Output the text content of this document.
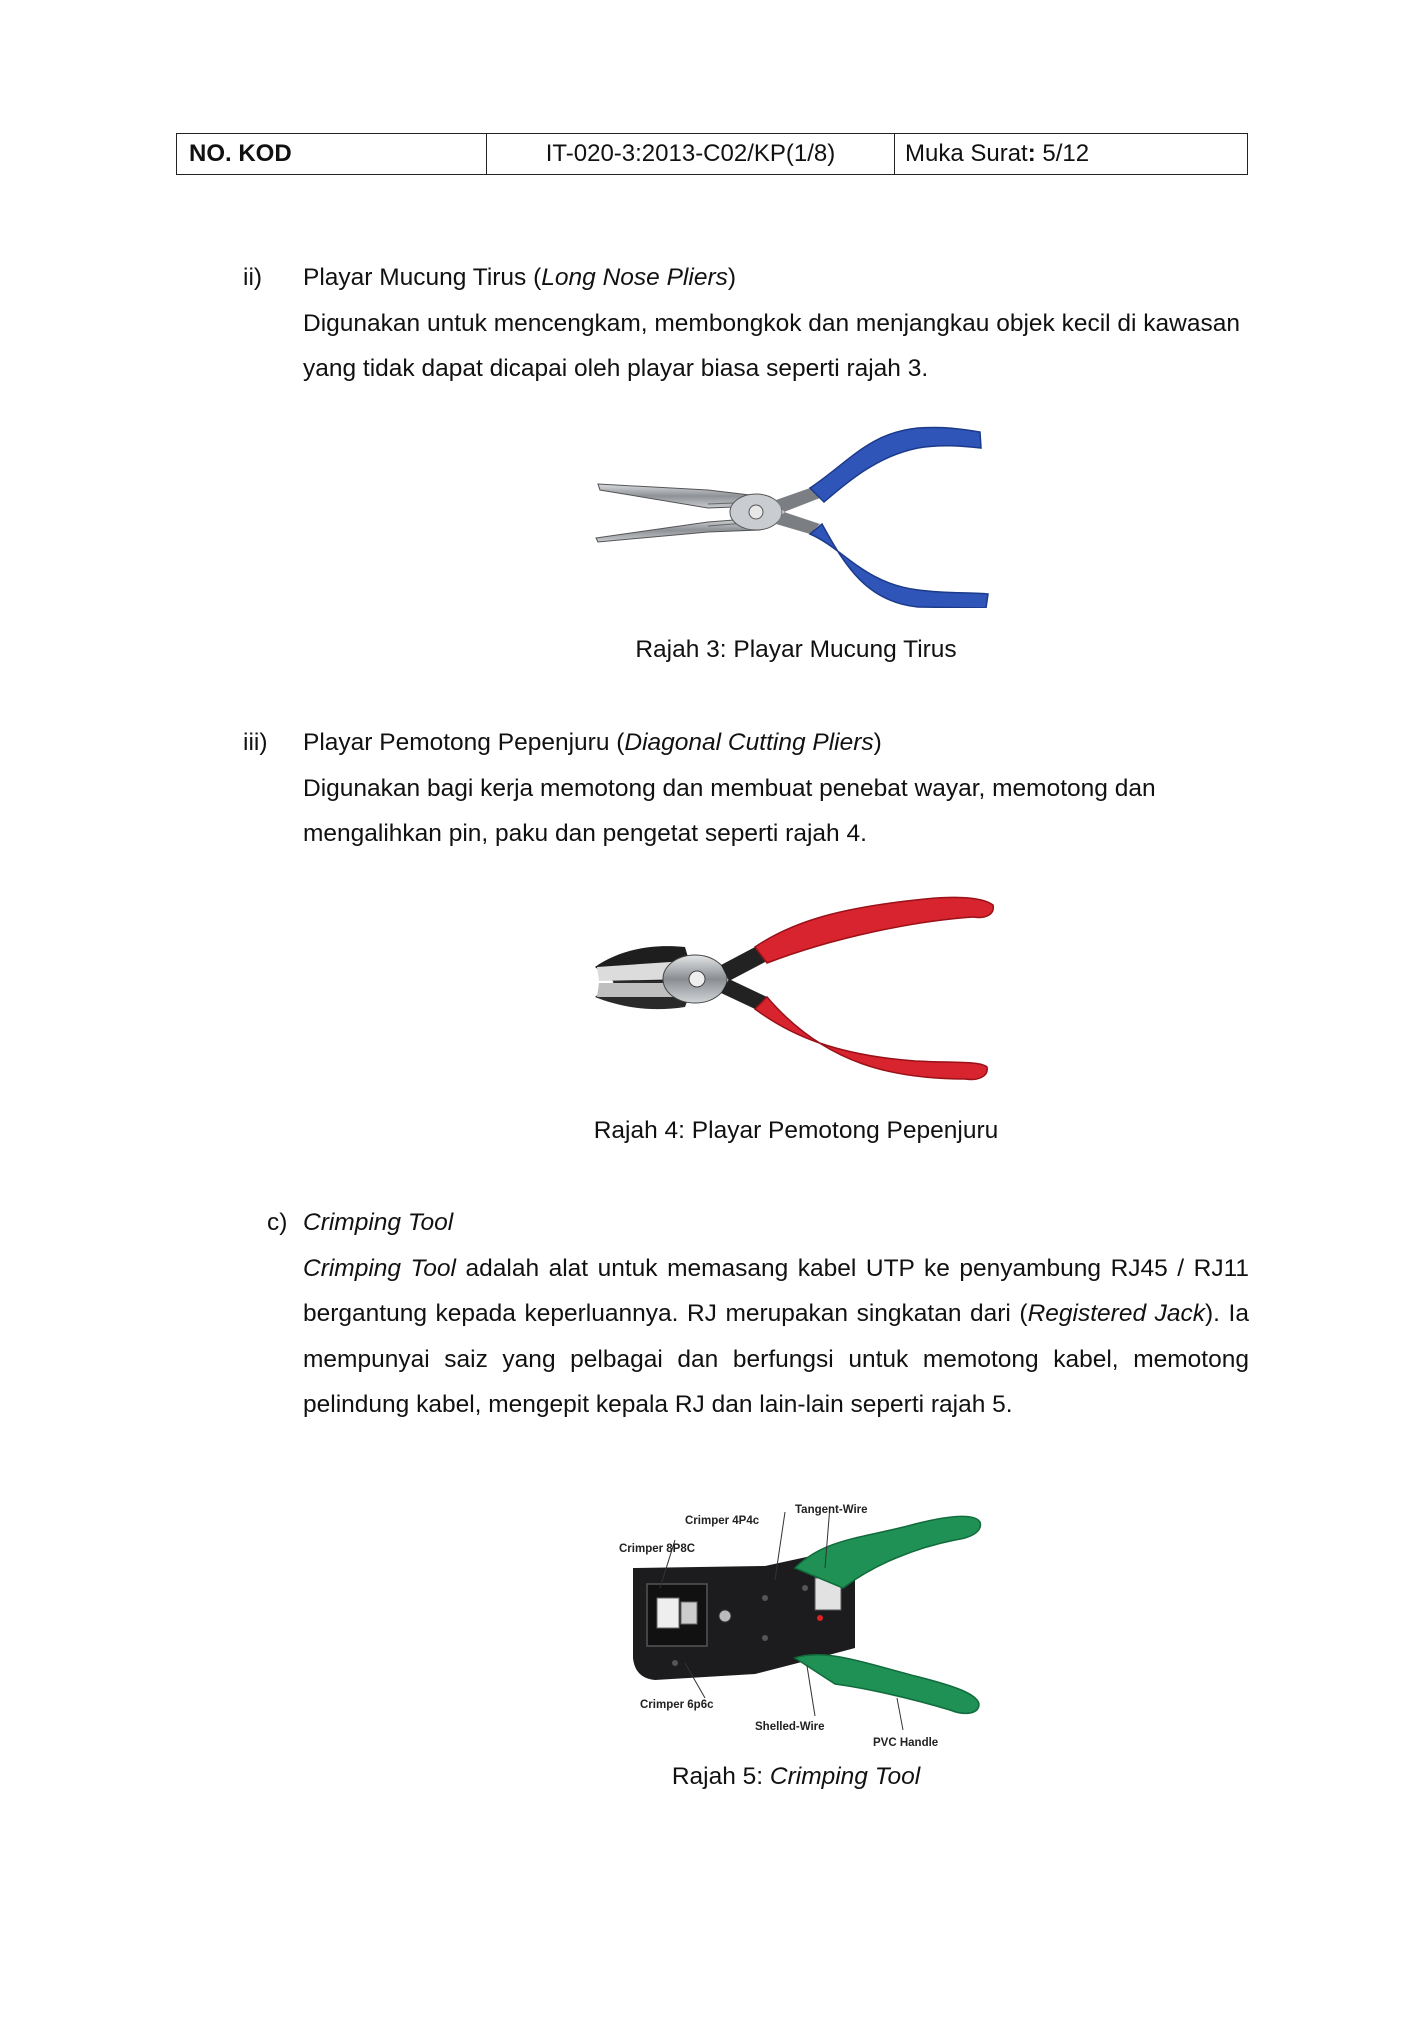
NO. KOD	IT-020-3:2013-C02/KP(1/8)	Muka Surat :
5/12
ii) Playar Mucung Tirus (Long Nose Pliers)
Digunakan untuk mencengkam, membongkok dan menjangkau objek kecil di kawasan yang tidak dapat dicapai oleh playar biasa seperti rajah 3.
Rajah 3: Playar Mucung Tirus
iii) Playar Pemotong Pepenjuru (Diagonal Cutting Pliers)
Digunakan bagi kerja memotong dan membuat penebat wayar, memotong dan mengalihkan pin, paku dan pengetat seperti rajah 4.
Rajah 4: Playar Pemotong Pepenjuru
c) Crimping Tool
Crimping Tool adalah alat untuk memasang kabel UTP ke penyambung RJ45 / RJ11 bergantung kepada keperluannya. RJ merupakan singkatan dari (Registered Jack). Ia mempunyai saiz yang pelbagai dan berfungsi untuk memotong kabel, memotong pelindung kabel, mengepit kepala RJ dan lain-lain seperti rajah 5.
Tangent-Wire
Crimper 4P4c
Crimper 8P8C
Crimper 6p6c
Shelled-Wire
PVC Handle
Rajah 5: Crimping Tool
